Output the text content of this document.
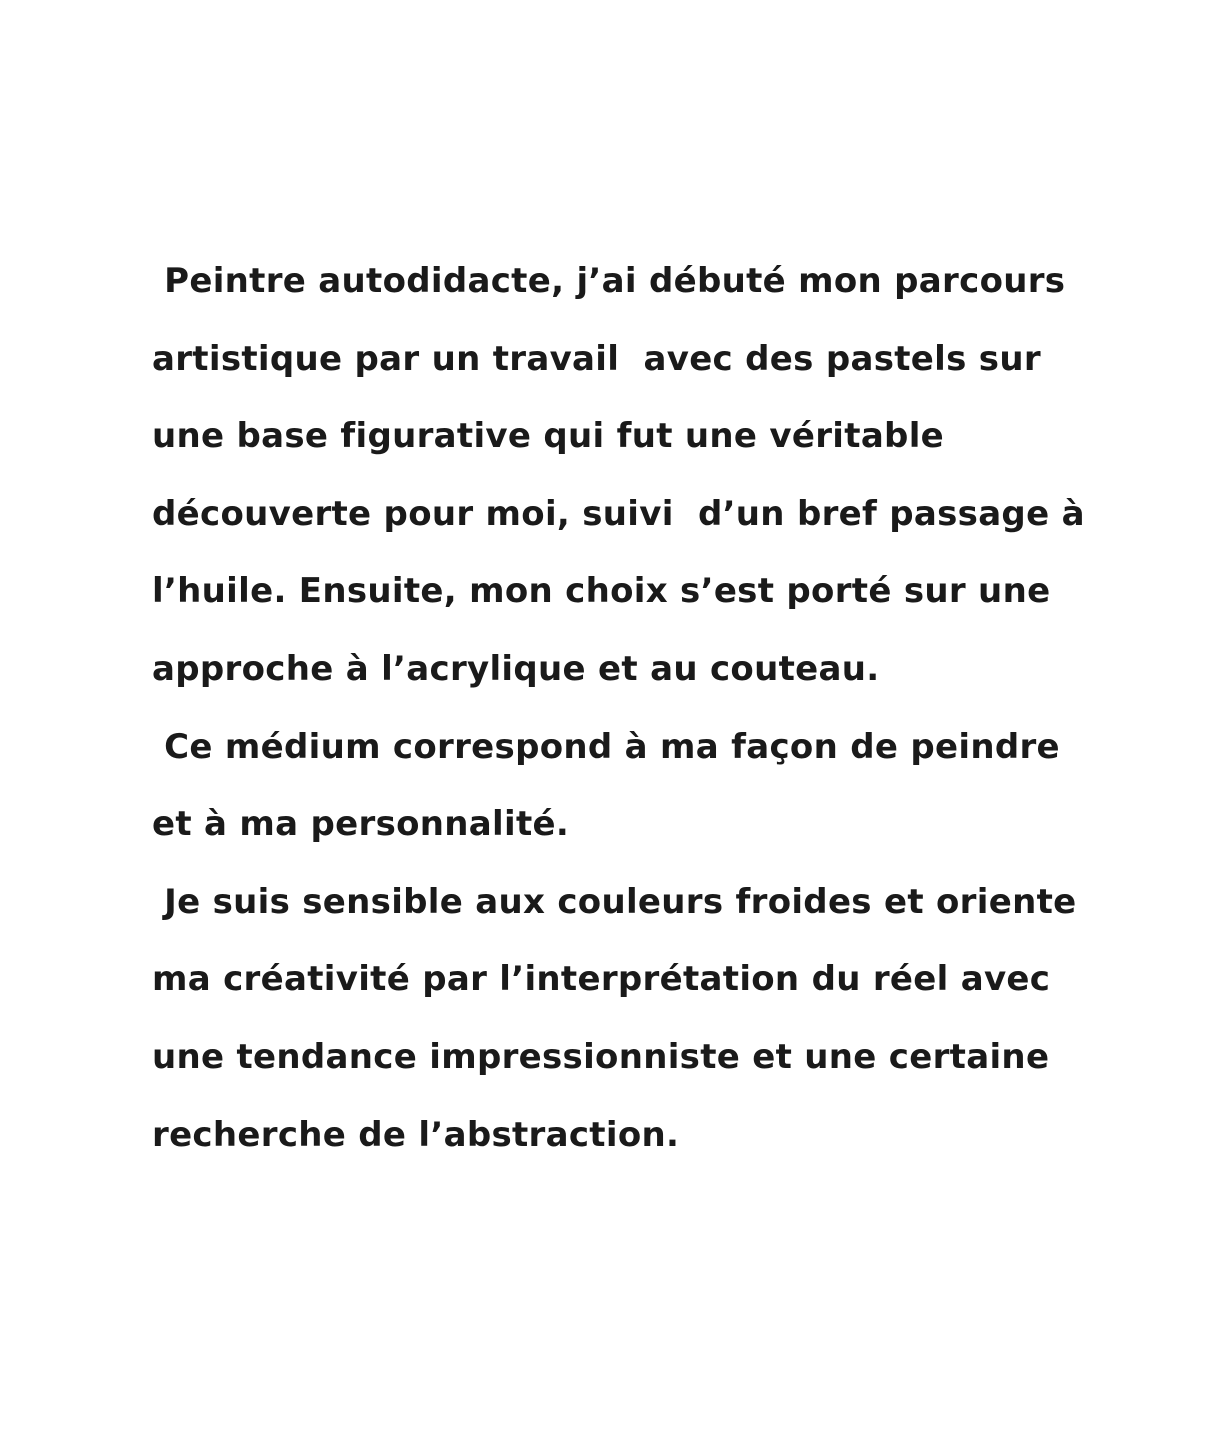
Peintre autodidacte, j’ai débuté mon parcours
artistique par un travail  avec des pastels sur
une base figurative qui fut une véritable
découverte pour moi, suivi  d’un bref passage à
l’huile. Ensuite, mon choix s’est porté sur une
approche à l’acrylique et au couteau.
Ce médium correspond à ma façon de peindre
et à ma personnalité.
Je suis sensible aux couleurs froides et oriente
ma créativité par l’interprétation du réel avec
une tendance impressionniste et une certaine
recherche de l’abstraction.
